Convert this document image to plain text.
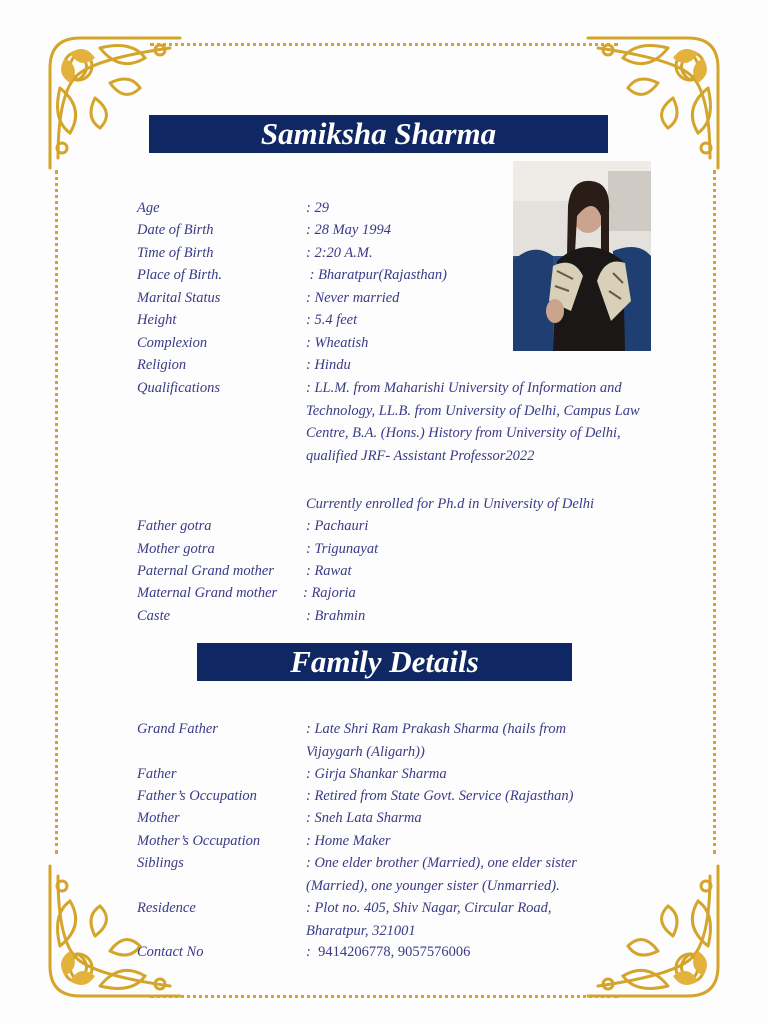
Samiksha Sharma
Age	: 29
Date of Birth	: 28 May 1994
Time of Birth	: 2:20 A.M.
Place of Birth.	: Bharatpur(Rajasthan)
Marital Status	: Never married
Height	: 5.4 feet
Complexion	: Wheatish
Religion	: Hindu
Qualifications	: LL.M. from Maharishi University of Information and Technology, LL.B. from University of Delhi, Campus Law Centre, B.A. (Hons.) History from University of Delhi, qualified JRF- Assistant Professor2022
Currently enrolled for Ph.d in University of Delhi
Father gotra	: Pachauri
Mother gotra	: Trigunayat
Paternal Grand mother : Rawat
Maternal Grand mother : Rajoria
Caste	: Brahmin
Family Details
Grand Father	: Late Shri Ram Prakash Sharma (hails from Vijaygarh (Aligarh))
Father	: Girja Shankar Sharma
Father’s Occupation	: Retired from State Govt. Service (Rajasthan)
Mother	: Sneh Lata Sharma
Mother’s Occupation	: Home Maker
Siblings	: One elder brother (Married), one elder sister (Married), one younger sister (Unmarried).
Residence	: Plot no. 405, Shiv Nagar, Circular Road, Bharatpur, 321001
Contact No	:  9414206778, 9057576006
